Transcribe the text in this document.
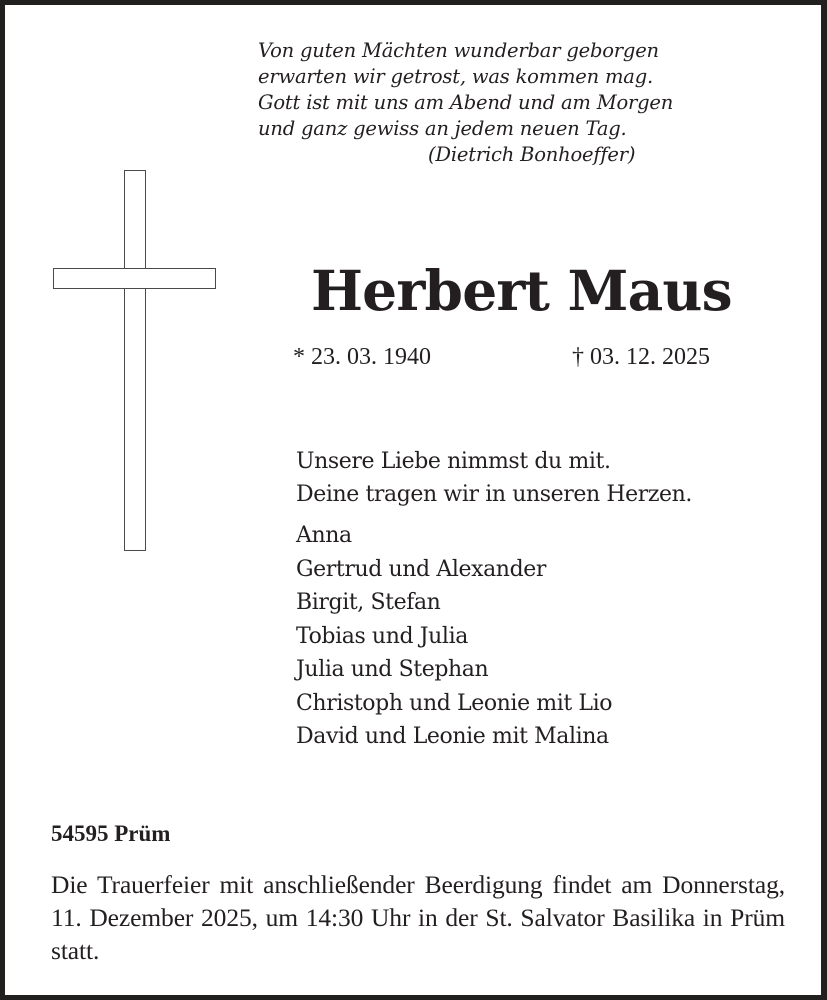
Von guten Mächten wunderbar geborgen
erwarten wir getrost, was kommen mag.
Gott ist mit uns am Abend und am Morgen
und ganz gewiss an jedem neuen Tag.
(Dietrich Bonhoeffer)
Herbert Maus
* 23. 03. 1940	† 03. 12. 2025
Unsere Liebe nimmst du mit.
Deine tragen wir in unseren Herzen.
Anna
Gertrud und Alexander
Birgit, Stefan
Tobias und Julia
Julia und Stephan
Christoph und Leonie mit Lio
David und Leonie mit Malina
54595 Prüm
Die Trauerfeier mit anschließender Beerdigung findet am Donnerstag, 11. Dezember 2025, um 14:30 Uhr in der St. Salvator Basilika in Prüm statt.
